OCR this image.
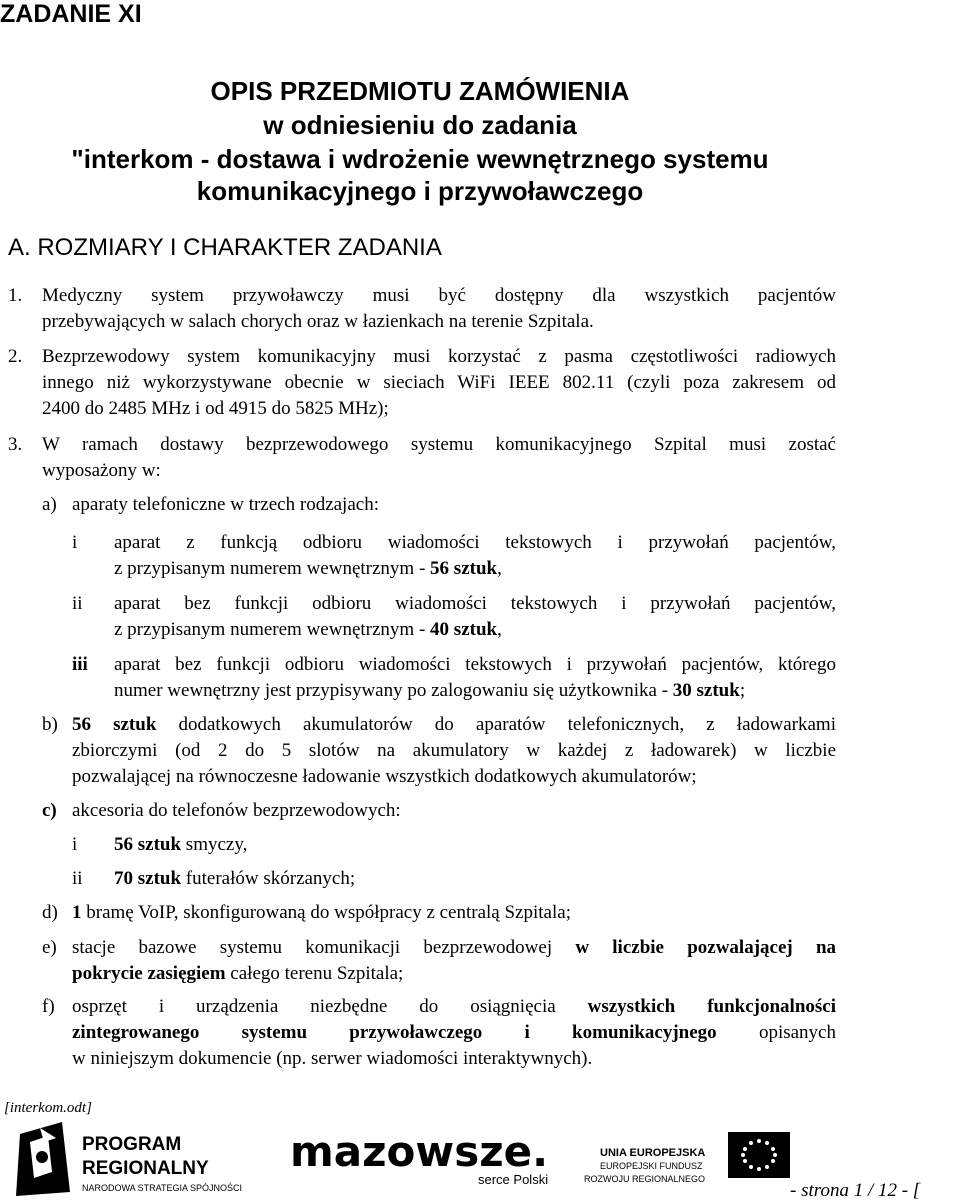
ZADANIE XI
OPIS PRZEDMIOTU ZAMÓWIENIA
w odniesieniu do zadania
"interkom - dostawa i wdrożenie wewnętrznego systemu
komunikacyjnego i przywoławczego
A. ROZMIARY I CHARAKTER ZADANIA
1. Medyczny system przywoławczy musi być dostępny dla wszystkich pacjentów
przebywających w salach chorych oraz w łazienkach na terenie Szpitala.
2. Bezprzewodowy system komunikacyjny musi korzystać z pasma częstotliwości radiowych
innego niż wykorzystywane obecnie w sieciach WiFi IEEE 802.11 (czyli poza zakresem od
2400 do 2485 MHz i od 4915 do 5825 MHz);
3. W ramach dostawy bezprzewodowego systemu komunikacyjnego Szpital musi zostać
wyposażony w:
a) aparaty telefoniczne w trzech rodzajach:
i aparat z funkcją odbioru wiadomości tekstowych i przywołań pacjentów,
z przypisanym numerem wewnętrznym - 56 sztuk,
ii aparat bez funkcji odbioru wiadomości tekstowych i przywołań pacjentów,
z przypisanym numerem wewnętrznym - 40 sztuk,
iii aparat bez funkcji odbioru wiadomości tekstowych i przywołań pacjentów, którego
numer wewnętrzny jest przypisywany po zalogowaniu się użytkownika - 30 sztuk;
b) 56 sztuk dodatkowych akumulatorów do aparatów telefonicznych, z ładowarkami
zbiorczymi (od 2 do 5 slotów na akumulatory w każdej z ładowarek) w liczbie
pozwalającej na równoczesne ładowanie wszystkich dodatkowych akumulatorów;
c) akcesoria do telefonów bezprzewodowych:
i 56 sztuk smyczy,
ii 70 sztuk futerałów skórzanych;
d) 1 bramę VoIP, skonfigurowaną do współpracy z centralą Szpitala;
e) stacje bazowe systemu komunikacji bezprzewodowej w liczbie pozwalającej na
pokrycie zasięgiem całego terenu Szpitala;
f) osprzęt i urządzenia niezbędne do osiągnięcia wszystkich funkcjonalności
zintegrowanego systemu przywoławczego i komunikacyjnego opisanych
w niniejszym dokumencie (np. serwer wiadomości interaktywnych).
[interkom.odt]
PROGRAM
REGIONALNY
NARODOWA STRATEGIA SPÓJNOŚCI
mazowsze.
serce Polski
UNIA EUROPEJSKA
EUROPEJSKI FUNDUSZ
ROZWOJU REGIONALNEGO
- strona 1 / 12 - [
